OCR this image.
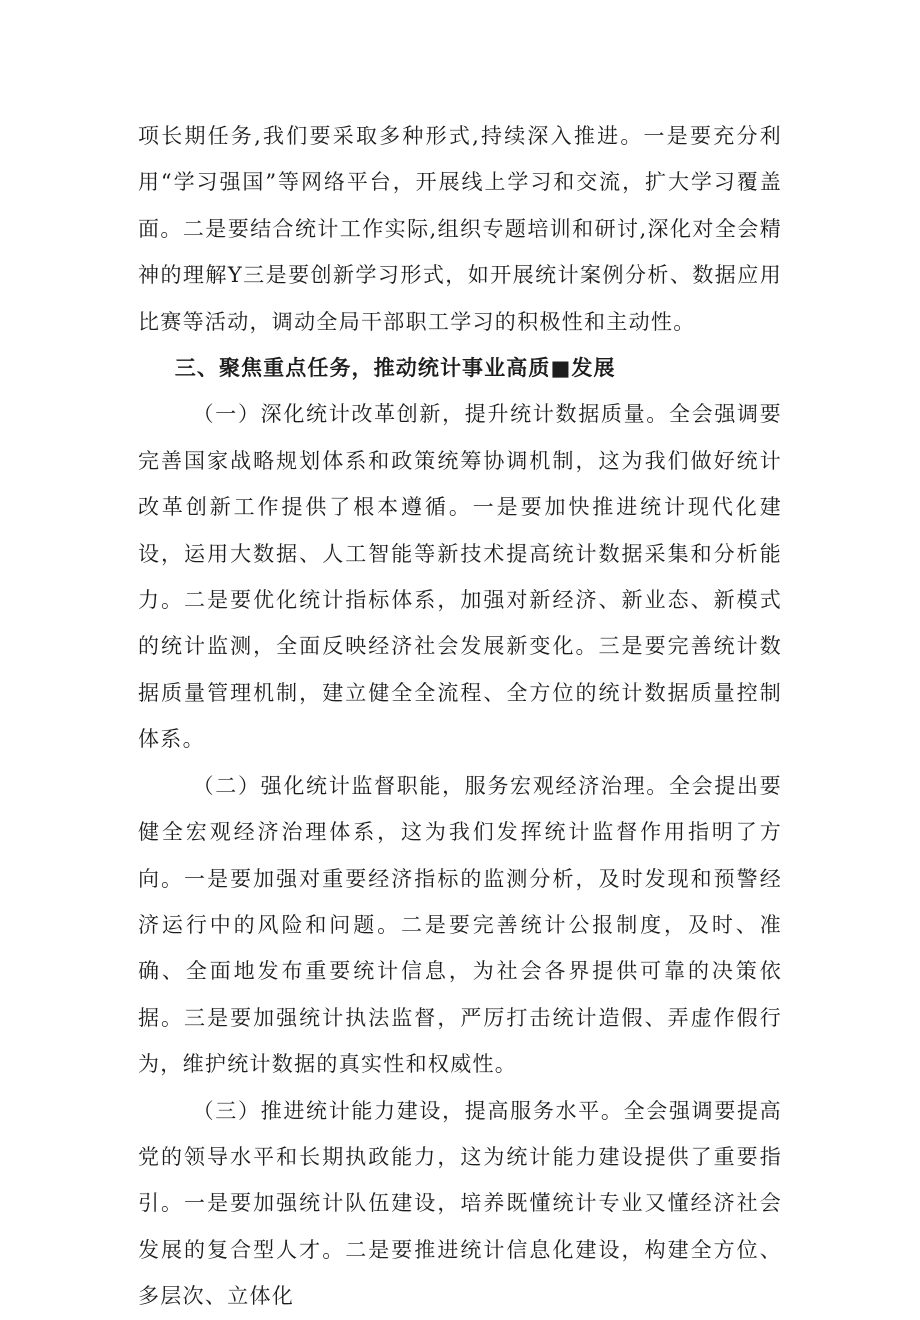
项长期任务,我们要采取多种形式,持续深入推进。一是要充分利用“学习强国”等网络平台，开展线上学习和交流，扩大学习覆盖面。二是要结合统计工作实际,组织专题培训和研讨,深化对全会精神的理解Y三是要创新学习形式，如开展统计案例分析、数据应用比赛等活动，调动全局干部职工学习的积极性和主动性。

三、聚焦重点任务，推动统计事业高质■发展

（一）深化统计改革创新，提升统计数据质量。全会强调要完善国家战略规划体系和政策统筹协调机制，这为我们做好统计改革创新工作提供了根本遵循。一是要加快推进统计现代化建设，运用大数据、人工智能等新技术提高统计数据采集和分析能力。二是要优化统计指标体系，加强对新经济、新业态、新模式的统计监测，全面反映经济社会发展新变化。三是要完善统计数据质量管理机制，建立健全全流程、全方位的统计数据质量控制体系。

（二）强化统计监督职能，服务宏观经济治理。全会提出要健全宏观经济治理体系，这为我们发挥统计监督作用指明了方向。一是要加强对重要经济指标的监测分析，及时发现和预警经济运行中的风险和问题。二是要完善统计公报制度，及时、准确、全面地发布重要统计信息，为社会各界提供可靠的决策依据。三是要加强统计执法监督，严厉打击统计造假、弄虚作假行为，维护统计数据的真实性和权威性。

（三）推进统计能力建设，提高服务水平。全会强调要提高党的领导水平和长期执政能力，这为统计能力建设提供了重要指引。一是要加强统计队伍建设，培养既懂统计专业又懂经济社会发展的复合型人才。二是要推进统计信息化建设，构建全方位、多层次、立体化
